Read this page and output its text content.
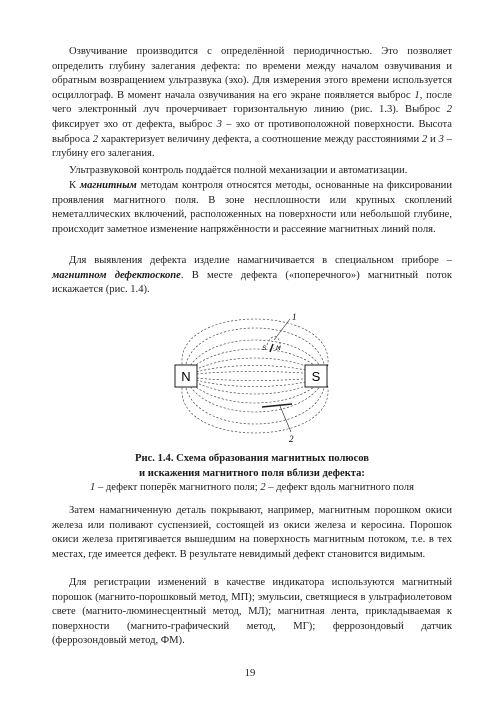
Озвучивание производится с определённой периодичностью. Это позволяет определить глубину залегания дефекта: по времени между началом озвучивания и обратным возвращением ультразвука (эхо). Для измерения этого времени используется осциллограф. В момент начала озвучивания на его экране появляется выброс 1, после чего электронный луч прочерчивает горизонтальную линию (рис. 1.3). Выброс 2 фиксирует эхо от дефекта, выброс 3 – эхо от противоположной поверхности. Высота выброса 2 характеризует величину дефекта, а соотношение между расстояниями 2 и 3 – глубину его залегания.

Ультразвуковой контроль поддаётся полной механизации и автоматизации.

К магнитным методам контроля относятся методы, основанные на фиксировании проявления магнитного поля. В зоне несплошности или крупных скоплений неметаллических включений, расположенных на поверхности или небольшой глубине, происходит заметное изменение напряжённости и рассеяние магнитных линий поля.

Для выявления дефекта изделие намагничивается в специальном приборе – магнитном дефектоскопе. В месте дефекта («поперечного») магнитный поток искажается (рис. 1.4).

N	S
S N
1
2
Рис. 1.4. Схема образования магнитных полюсов
и искажения магнитного поля вблизи дефекта:
1 – дефект поперёк магнитного поля; 2 – дефект вдоль магнитного поля

Затем намагниченную деталь покрывают, например, магнитным порошком окиси железа или поливают суспензией, состоящей из окиси железа и керосина. Порошок окиси железа притягивается вышедшим на поверхность магнитным потоком, т.е. в тех местах, где имеется дефект. В результате невидимый дефект становится видимым.

Для регистрации изменений в качестве индикатора используются магнитный порошок (магнито-порошковый метод, МП); эмульсии, светящиеся в ультрафиолетовом свете (магнито-люминесцентный метод, МЛ); магнитная лента, прикладываемая к поверхности (магнито-графический метод, МГ); феррозондовый датчик (феррозондовый метод, ФМ).

19
